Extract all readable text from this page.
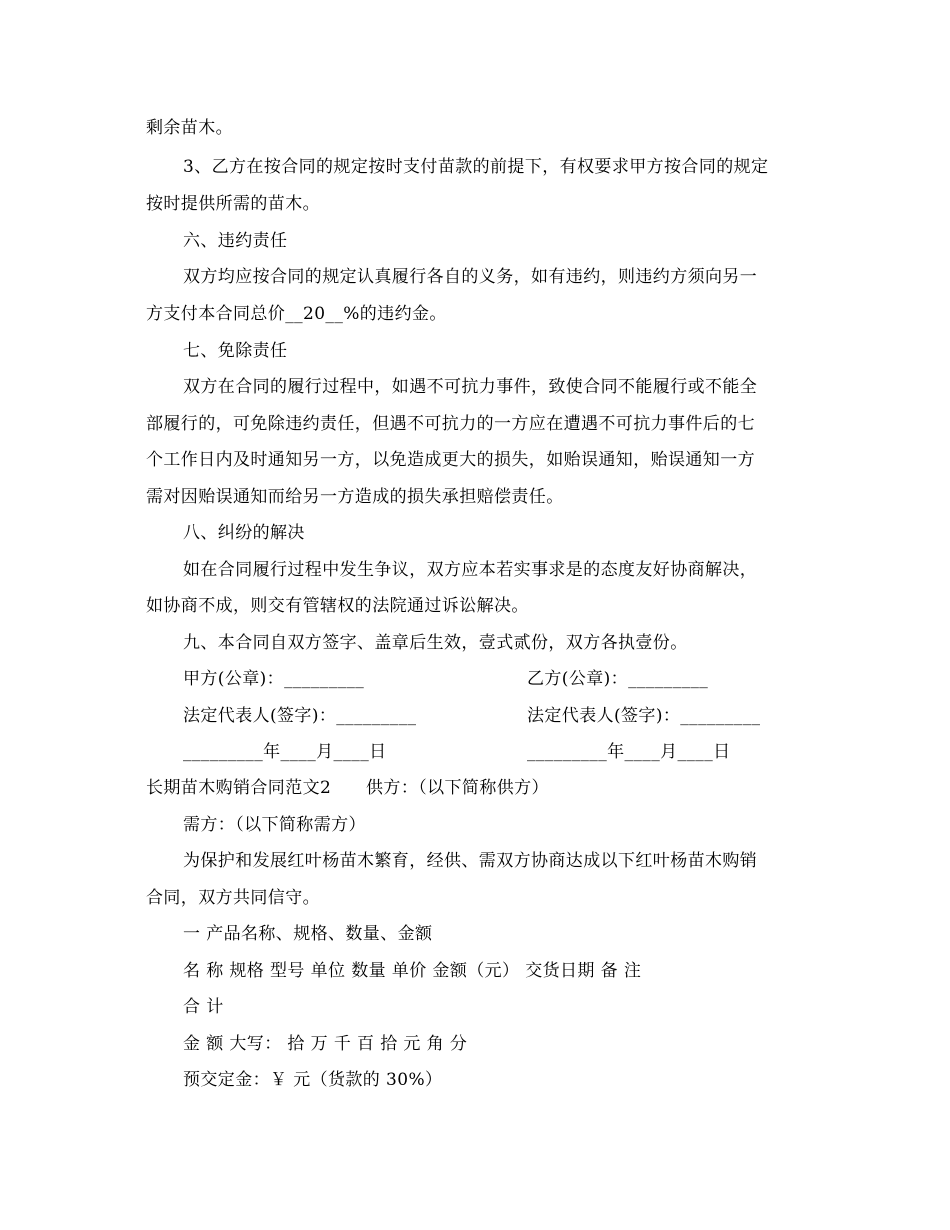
剩余苗木。
3、乙方在按合同的规定按时支付苗款的前提下，有权要求甲方按合同的规定
按时提供所需的苗木。
六、违约责任
双方均应按合同的规定认真履行各自的义务，如有违约，则违约方须向另一
方支付本合同总价__20__%的违约金。
七、免除责任
双方在合同的履行过程中，如遇不可抗力事件，致使合同不能履行或不能全
部履行的，可免除违约责任，但遇不可抗力的一方应在遭遇不可抗力事件后的七
个工作日内及时通知另一方，以免造成更大的损失，如贻误通知，贻误通知一方
需对因贻误通知而给另一方造成的损失承担赔偿责任。
八、纠纷的解决
如在合同履行过程中发生争议，双方应本若实事求是的态度友好协商解决，
如协商不成，则交有管辖权的法院通过诉讼解决。
九、本合同自双方签字、盖章后生效，壹式贰份，双方各执壹份。
甲方(公章)：_________	乙方(公章)：_________
法定代表人(签字)：_________	法定代表人(签字)：_________
_________年____月____日	_________年____月____日
长期苗木购销合同范文2　　供方：（以下简称供方）
需方：（以下简称需方）
为保护和发展红叶杨苗木繁育，经供、需双方协商达成以下红叶杨苗木购销
合同，双方共同信守。
一 产品名称、规格、数量、金额
名 称 规格 型号 单位 数量 单价 金额（元） 交货日期 备 注
合 计
金 额 大写： 拾 万 千 百 拾 元 角 分
预交定金：￥ 元（货款的 30%）
